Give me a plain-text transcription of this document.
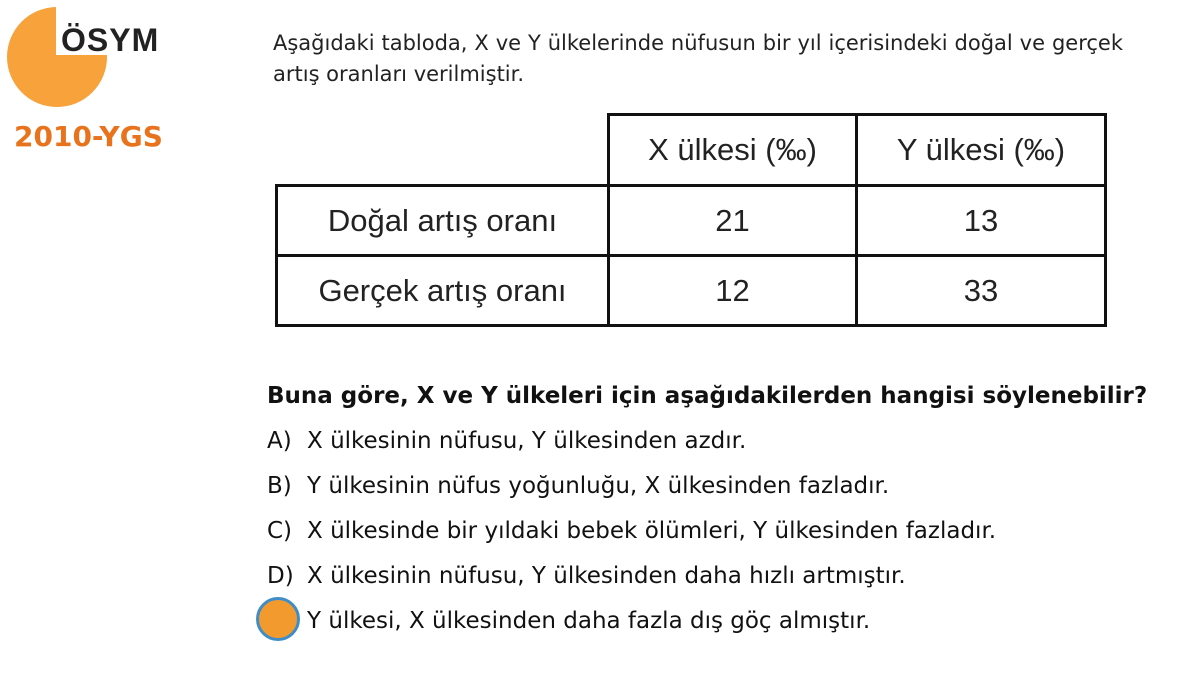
ÖSYM
2010-YGS
Aşağıdaki tabloda, X ve Y ülkelerinde nüfusun bir yıl içerisindeki doğal ve gerçek artış oranları verilmiştir.
	X ülkesi (‰)	Y ülkesi (‰)
Doğal artış oranı	21	13
Gerçek artış oranı	12	33
Buna göre, X ve Y ülkeleri için aşağıdakilerden hangisi söylenebilir?
A) X ülkesinin nüfusu, Y ülkesinden azdır.
B) Y ülkesinin nüfus yoğunluğu, X ülkesinden fazladır.
C) X ülkesinde bir yıldaki bebek ölümleri, Y ülkesinden fazladır.
D) X ülkesinin nüfusu, Y ülkesinden daha hızlı artmıştır.
Y ülkesi, X ülkesinden daha fazla dış göç almıştır.
